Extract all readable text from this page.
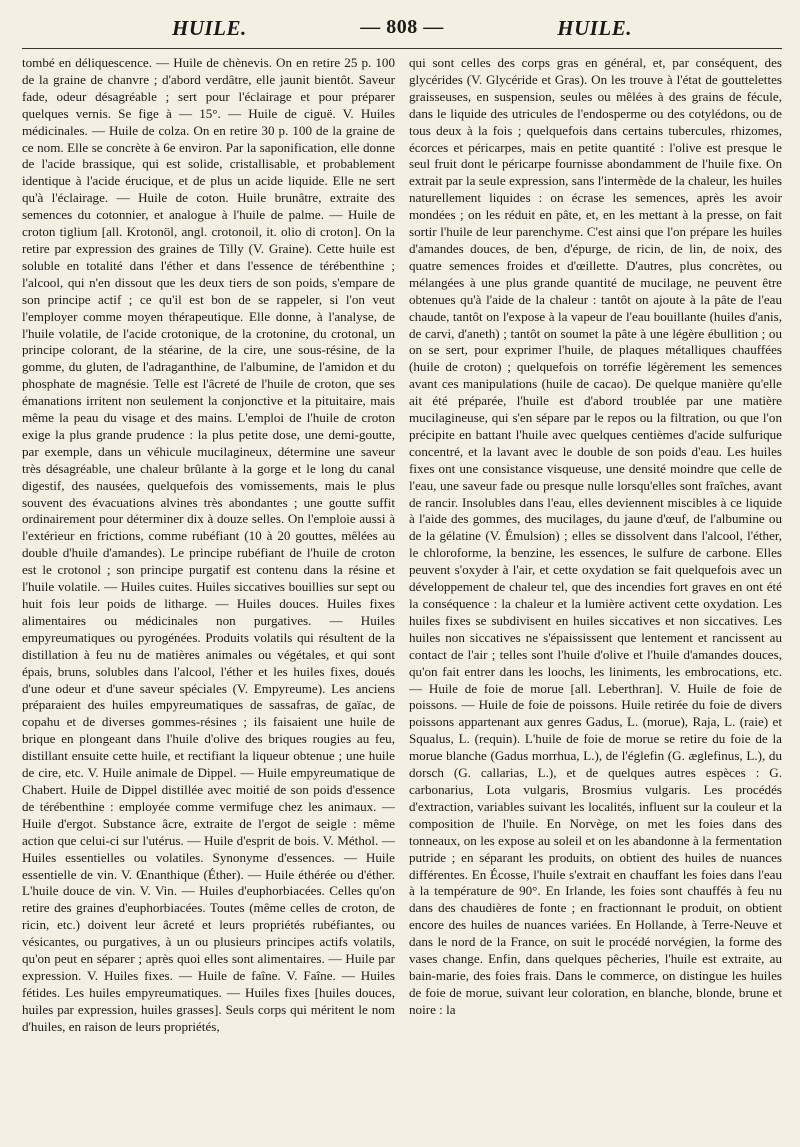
HUILE.	— 808 —	HUILE.

tombé en déliquescence. — Huile de chènevis. On en retire 25 p. 100 de la graine de chanvre ; d'abord verdâtre, elle jaunit bientôt. Saveur fade, odeur désagréable ; sert pour l'éclairage et pour préparer quelques vernis. Se fige à — 15°. — Huile de ciguë. V. Huiles médicinales. — Huile de colza. On en retire 30 p. 100 de la graine de ce nom. Elle se concrète à 6e environ. Par la saponification, elle donne de l'acide brassique, qui est solide, cristallisable, et probablement identique à l'acide érucique, et de plus un acide liquide. Elle ne sert qu'à l'éclairage. — Huile de coton. Huile brunâtre, extraite des semences du cotonnier, et analogue à l'huile de palme. — Huile de croton tiglium [all. Krotonöl, angl. crotonoil, it. olio di croton]. On la retire par expression des graines de Tilly (V. Graine). Cette huile est soluble en totalité dans l'éther et dans l'essence de térébenthine ; l'alcool, qui n'en dissout que les deux tiers de son poids, s'empare de son principe actif ; ce qu'il est bon de se rappeler, si l'on veut l'employer comme moyen thérapeutique. Elle donne, à l'analyse, de l'huile volatile, de l'acide crotonique, de la crotonine, du crotonal, un principe colorant, de la stéarine, de la cire, une sous-résine, de la gomme, du gluten, de l'adraganthine, de l'albumine, de l'amidon et du phosphate de magnésie. Telle est l'âcreté de l'huile de croton, que ses émanations irritent non seulement la conjonctive et la pituitaire, mais même la peau du visage et des mains. L'emploi de l'huile de croton exige la plus grande prudence : la plus petite dose, une demi-goutte, par exemple, dans un véhicule mucilagineux, détermine une saveur très désagréable, une chaleur brûlante à la gorge et le long du canal digestif, des nausées, quelquefois des vomissements, mais le plus souvent des évacuations alvines très abondantes ; une goutte suffit ordinairement pour déterminer dix à douze selles. On l'emploie aussi à l'extérieur en frictions, comme rubéfiant (10 à 20 gouttes, mêlées au double d'huile d'amandes). Le principe rubéfiant de l'huile de croton est le crotonol ; son principe purgatif est contenu dans la résine et l'huile volatile. — Huiles cuites. Huiles siccatives bouillies sur sept ou huit fois leur poids de litharge. — Huiles douces. Huiles fixes alimentaires ou médicinales non purgatives. — Huiles empyreumatiques ou pyrogénées. Produits volatils qui résultent de la distillation à feu nu de matières animales ou végétales, et qui sont épais, bruns, solubles dans l'alcool, l'éther et les huiles fixes, doués d'une odeur et d'une saveur spéciales (V. Empyreume). Les anciens préparaient des huiles empyreumatiques de sassafras, de gaïac, de copahu et de diverses gommes-résines ; ils faisaient une huile de brique en plongeant dans l'huile d'olive des briques rougies au feu, distillant ensuite cette huile, et rectifiant la liqueur obtenue ; une huile de cire, etc. V. Huile animale de Dippel. — Huile empyreumatique de Chabert. Huile de Dippel distillée avec moitié de son poids d'essence de térébenthine : employée comme vermifuge chez les animaux. — Huile d'ergot. Substance âcre, extraite de l'ergot de seigle : même action que celui-ci sur l'utérus. — Huile d'esprit de bois. V. Méthol. — Huiles essentielles ou volatiles. Synonyme d'essences. — Huile essentielle de vin. V. Œnanthique (Éther). — Huile éthérée ou d'éther. L'huile douce de vin. V. Vin. — Huiles d'euphorbiacées. Celles qu'on retire des graines d'euphorbiacées. Toutes (même celles de croton, de ricin, etc.) doivent leur âcreté et leurs propriétés rubéfiantes, ou vésicantes, ou purgatives, à un ou plusieurs principes actifs volatils, qu'on peut en séparer ; après quoi elles sont alimentaires. — Huile par expression. V. Huiles fixes. — Huile de faîne. V. Faîne. — Huiles fétides. Les huiles empyreumatiques. — Huiles fixes [huiles douces, huiles par expression, huiles grasses]. Seuls corps qui méritent le nom d'huiles, en raison de leurs propriétés,

qui sont celles des corps gras en général, et, par conséquent, des glycérides (V. Glycéride et Gras). On les trouve à l'état de gouttelettes graisseuses, en suspension, seules ou mêlées à des grains de fécule, dans le liquide des utricules de l'endosperme ou des cotylédons, ou de tous deux à la fois ; quelquefois dans certains tubercules, rhizomes, écorces et péricarpes, mais en petite quantité : l'olive est presque le seul fruit dont le péricarpe fournisse abondamment de l'huile fixe. On extrait par la seule expression, sans l'intermède de la chaleur, les huiles naturellement liquides : on écrase les semences, après les avoir mondées ; on les réduit en pâte, et, en les mettant à la presse, on fait sortir l'huile de leur parenchyme. C'est ainsi que l'on prépare les huiles d'amandes douces, de ben, d'épurge, de ricin, de lin, de noix, des quatre semences froides et d'œillette. D'autres, plus concrètes, ou mélangées à une plus grande quantité de mucilage, ne peuvent être obtenues qu'à l'aide de la chaleur : tantôt on ajoute à la pâte de l'eau chaude, tantôt on l'expose à la vapeur de l'eau bouillante (huiles d'anis, de carvi, d'aneth) ; tantôt on soumet la pâte à une légère ébullition ; ou on se sert, pour exprimer l'huile, de plaques métalliques chauffées (huile de croton) ; quelquefois on torréfie légèrement les semences avant ces manipulations (huile de cacao). De quelque manière qu'elle ait été préparée, l'huile est d'abord troublée par une matière mucilagineuse, qui s'en sépare par le repos ou la filtration, ou que l'on précipite en battant l'huile avec quelques centièmes d'acide sulfurique concentré, et la lavant avec le double de son poids d'eau. Les huiles fixes ont une consistance visqueuse, une densité moindre que celle de l'eau, une saveur fade ou presque nulle lorsqu'elles sont fraîches, avant de rancir. Insolubles dans l'eau, elles deviennent miscibles à ce liquide à l'aide des gommes, des mucilages, du jaune d'œuf, de l'albumine ou de la gélatine (V. Émulsion) ; elles se dissolvent dans l'alcool, l'éther, le chloroforme, la benzine, les essences, le sulfure de carbone. Elles peuvent s'oxyder à l'air, et cette oxydation se fait quelquefois avec un développement de chaleur tel, que des incendies fort graves en ont été la conséquence : la chaleur et la lumière activent cette oxydation. Les huiles fixes se subdivisent en huiles siccatives et non siccatives. Les huiles non siccatives ne s'épaississent que lentement et rancissent au contact de l'air ; telles sont l'huile d'olive et l'huile d'amandes douces, qu'on fait entrer dans les loochs, les liniments, les embrocations, etc. — Huile de foie de morue [all. Leberthran]. V. Huile de foie de poissons. — Huile de foie de poissons. Huile retirée du foie de divers poissons appartenant aux genres Gadus, L. (morue), Raja, L. (raie) et Squalus, L. (requin). L'huile de foie de morue se retire du foie de la morue blanche (Gadus morrhua, L.), de l'églefin (G. æglefinus, L.), du dorsch (G. callarias, L.), et de quelques autres espèces : G. carbonarius, Lota vulgaris, Brosmius vulgaris. Les procédés d'extraction, variables suivant les localités, influent sur la couleur et la composition de l'huile. En Norvège, on met les foies dans des tonneaux, on les expose au soleil et on les abandonne à la fermentation putride ; en séparant les produits, on obtient des huiles de nuances différentes. En Écosse, l'huile s'extrait en chauffant les foies dans l'eau à la température de 90°. En Irlande, les foies sont chauffés à feu nu dans des chaudières de fonte ; en fractionnant le produit, on obtient encore des huiles de nuances variées. En Hollande, à Terre-Neuve et dans le nord de la France, on suit le procédé norvégien, la forme des vases change. Enfin, dans quelques pêcheries, l'huile est extraite, au bain-marie, des foies frais. Dans le commerce, on distingue les huiles de foie de morue, suivant leur coloration, en blanche, blonde, brune et noire : la
